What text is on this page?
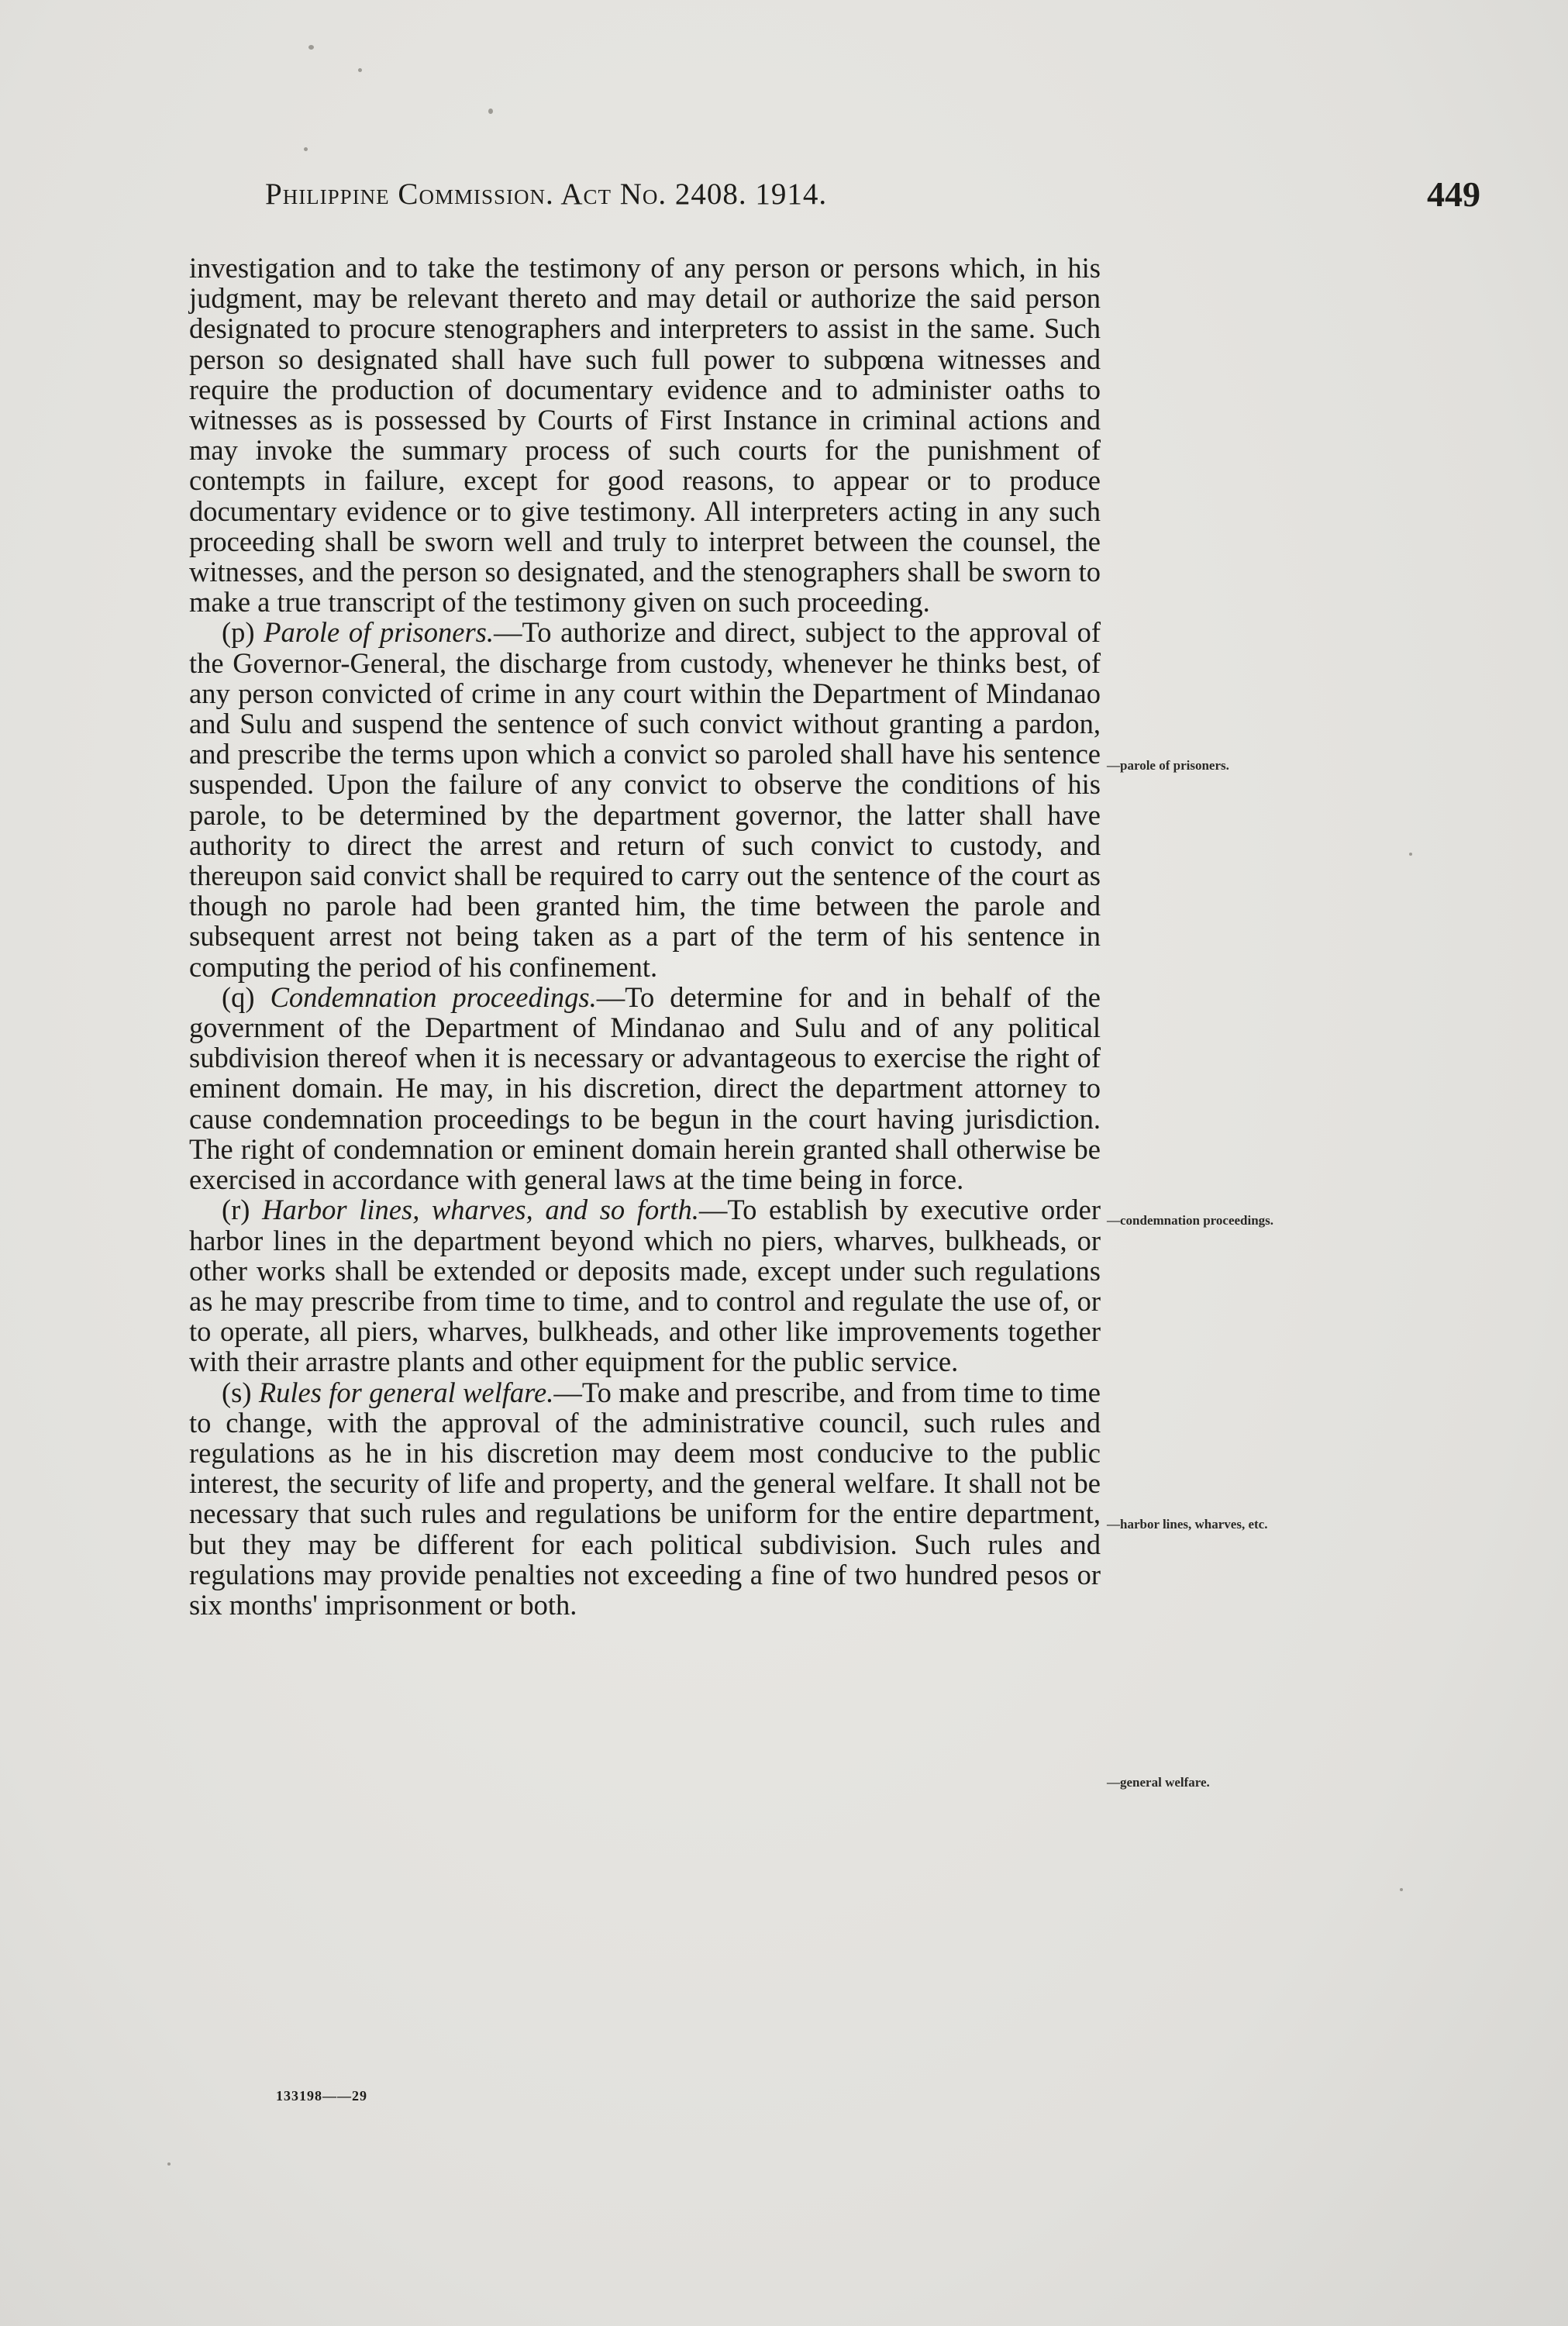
Philippine Commission. Act No. 2408. 1914.	449

investigation and to take the testimony of any person or persons which, in his judgment, may be relevant thereto and may detail or authorize the said person designated to procure stenographers and interpreters to assist in the same. Such person so designated shall have such full power to subpœna witnesses and require the production of documentary evidence and to administer oaths to witnesses as is possessed by Courts of First Instance in criminal actions and may invoke the summary process of such courts for the punishment of contempts in failure, except for good reasons, to appear or to produce documentary evidence or to give testimony. All interpreters acting in any such proceeding shall be sworn well and truly to interpret between the counsel, the witnesses, and the person so designated, and the stenographers shall be sworn to make a true transcript of the testimony given on such proceeding.

(p) Parole of prisoners.—To authorize and direct, subject to the approval of the Governor-General, the discharge from custody, whenever he thinks best, of any person convicted of crime in any court within the Department of Mindanao and Sulu and suspend the sentence of such convict without granting a pardon, and prescribe the terms upon which a convict so paroled shall have his sentence suspended. Upon the failure of any convict to observe the conditions of his parole, to be determined by the department governor, the latter shall have authority to direct the arrest and return of such convict to custody, and thereupon said convict shall be required to carry out the sentence of the court as though no parole had been granted him, the time between the parole and subsequent arrest not being taken as a part of the term of his sentence in computing the period of his confinement.

(q) Condemnation proceedings.—To determine for and in behalf of the government of the Department of Mindanao and Sulu and of any political subdivision thereof when it is necessary or advantageous to exercise the right of eminent domain. He may, in his discretion, direct the department attorney to cause condemnation proceedings to be begun in the court having jurisdiction. The right of condemnation or eminent domain herein granted shall otherwise be exercised in accordance with general laws at the time being in force.

(r) Harbor lines, wharves, and so forth.—To establish by executive order harbor lines in the department beyond which no piers, wharves, bulkheads, or other works shall be extended or deposits made, except under such regulations as he may prescribe from time to time, and to control and regulate the use of, or to operate, all piers, wharves, bulkheads, and other like improvements together with their arrastre plants and other equipment for the public service.

(s) Rules for general welfare.—To make and prescribe, and from time to time to change, with the approval of the administrative council, such rules and regulations as he in his discretion may deem most conducive to the public interest, the security of life and property, and the general welfare. It shall not be necessary that such rules and regulations be uniform for the entire department, but they may be different for each political subdivision. Such rules and regulations may provide penalties not exceeding a fine of two hundred pesos or six months' imprisonment or both.

—parole of prisoners.
—condemnation proceedings.
—harbor lines, wharves, etc.
—general welfare.
133198——29
